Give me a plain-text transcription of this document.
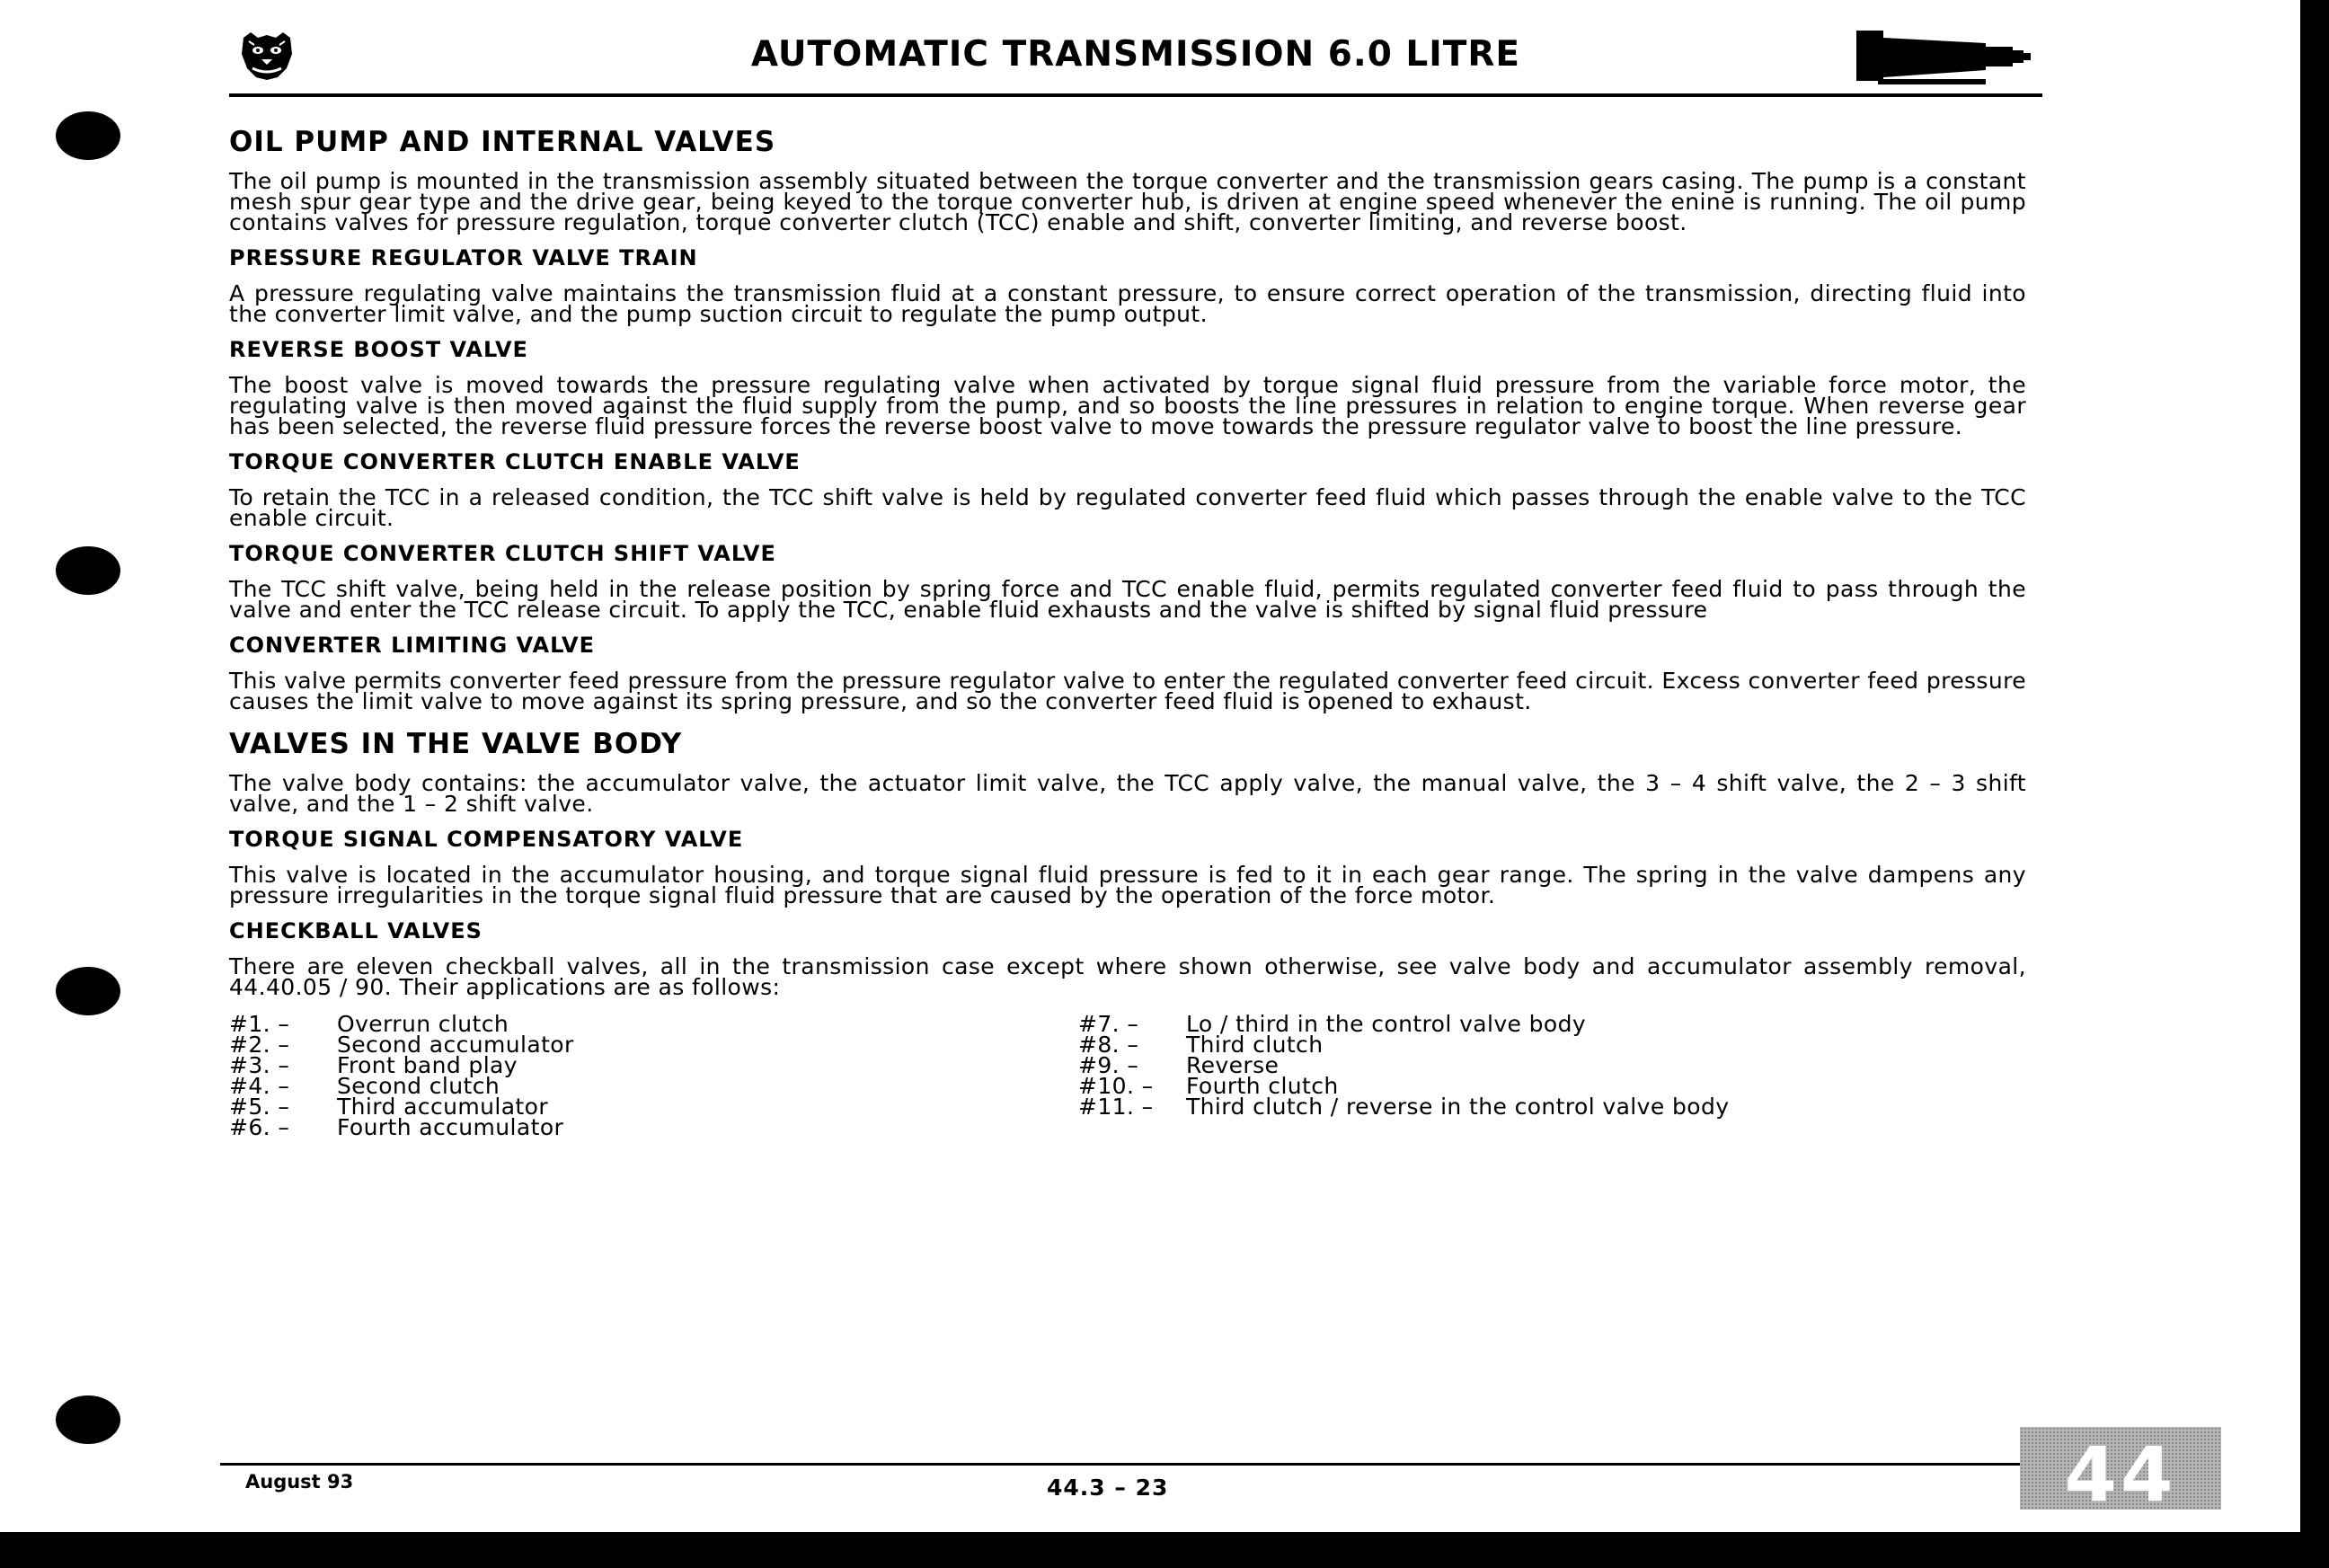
AUTOMATIC TRANSMISSION 6.0 LITRE
OIL PUMP AND INTERNAL VALVES

The oil pump is mounted in the transmission assembly situated between the torque converter and the transmission gears casing. The pump is a constant mesh spur gear type and the drive gear, being keyed to the torque converter hub, is driven at engine speed whenever the enine is running. The oil pump contains valves for pressure regulation, torque converter clutch (TCC) enable and shift, converter limiting, and reverse boost.

PRESSURE REGULATOR VALVE TRAIN

A pressure regulating valve maintains the transmission fluid at a constant pressure, to ensure correct operation of the transmission, directing fluid into the converter limit valve, and the pump suction circuit to regulate the pump output.

REVERSE BOOST VALVE

The boost valve is moved towards the pressure regulating valve when activated by torque signal fluid pressure from the variable force motor, the regulating valve is then moved against the fluid supply from the pump, and so boosts the line pressures in relation to engine torque. When reverse gear has been selected, the reverse fluid pressure forces the reverse boost valve to move towards the pressure regulator valve to boost the line pressure.

TORQUE CONVERTER CLUTCH ENABLE VALVE

To retain the TCC in a released condition, the TCC shift valve is held by regulated converter feed fluid which passes through the enable valve to the TCC enable circuit.

TORQUE CONVERTER CLUTCH SHIFT VALVE

The TCC shift valve, being held in the release position by spring force and TCC enable fluid, permits regulated converter feed fluid to pass through the valve and enter the TCC release circuit. To apply the TCC, enable fluid exhausts and the valve is shifted by signal fluid pressure

CONVERTER LIMITING VALVE

This valve permits converter feed pressure from the pressure regulator valve to enter the regulated converter feed circuit. Excess converter feed pressure causes the limit valve to move against its spring pressure, and so the converter feed fluid is opened to exhaust.

VALVES IN THE VALVE BODY

The valve body contains: the accumulator valve, the actuator limit valve, the TCC apply valve, the manual valve, the 3 – 4 shift valve, the 2 – 3 shift valve, and the 1 – 2 shift valve.

TORQUE SIGNAL COMPENSATORY VALVE

This valve is located in the accumulator housing, and torque signal fluid pressure is fed to it in each gear range. The spring in the valve dampens any pressure irregularities in the torque signal fluid pressure that are caused by the operation of the force motor.

CHECKBALL VALVES

There are eleven checkball valves, all in the transmission case except where shown otherwise, see valve body and accumulator assembly removal, 44.40.05 / 90. Their applications are as follows:

#1. –	Overrun clutch
#2. –	Second accumulator
#3. –	Front band play
#4. –	Second clutch
#5. –	Third accumulator
#6. –	Fourth accumulator
#7. –	Lo / third in the control valve body
#8. –	Third clutch
#9. –	Reverse
#10. –	Fourth clutch
#11. –	Third clutch / reverse in the control valve body
August 93	44.3 – 23	44
